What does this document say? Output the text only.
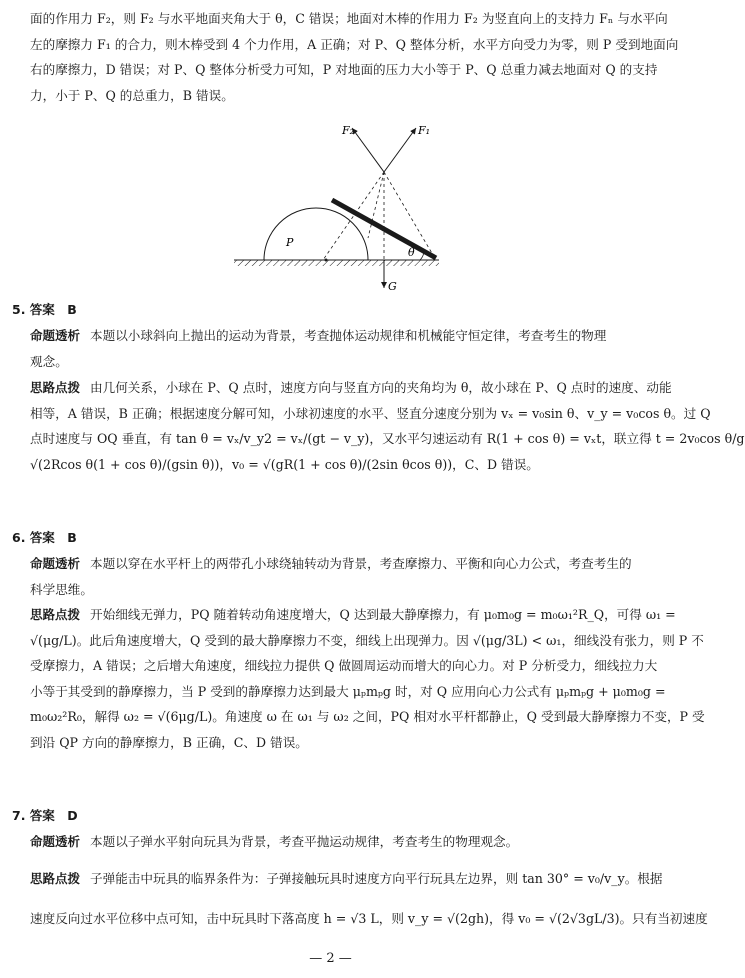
面的作用力 F₂，则 F₂ 与水平地面夹角大于 θ，C 错误；地面对木棒的作用力 F₂ 为竖直向上的支持力 Fₙ 与水平向
左的摩擦力 F₁ 的合力，则木棒受到 4 个力作用，A 正确；对 P、Q 整体分析，水平方向受力为零，则 P 受到地面向
右的摩擦力，D 错误；对 P、Q 整体分析受力可知，P 对地面的压力大小等于 P、Q 总重力减去地面对 Q 的支持
力，小于 P、Q 的总重力，B 错误。
F₂	F₁
P
θ
G
5. 答案　B
命题透析 本题以小球斜向上抛出的运动为背景，考查抛体运动规律和机械能守恒定律，考查考生的物理
观念。
思路点拨 由几何关系，小球在 P、Q 点时，速度方向与竖直方向的夹角均为 θ，故小球在 P、Q 点时的速度、动能
相等，A 错误，B 正确；根据速度分解可知，小球初速度的水平、竖直分速度分别为 vₓ = v₀sin θ、v_y = v₀cos θ。过 Q
点时速度与 OQ 垂直，有 tan θ = vₓ/v_y2 = vₓ/(gt − v_y)，又水平匀速运动有 R(1 + cos θ) = vₓt，联立得 t = 2v₀cos θ/g
√(2Rcos θ(1 + cos θ)/(gsin θ))，v₀ = √(gR(1 + cos θ)/(2sin θcos θ))，C、D 错误。
6. 答案　B
命题透析 本题以穿在水平杆上的两带孔小球绕轴转动为背景，考查摩擦力、平衡和向心力公式，考查考生的
科学思维。
思路点拨 开始细线无弹力，PQ 随着转动角速度增大，Q 达到最大静摩擦力，有 μ₀m₀g = m₀ω₁²R_Q，可得 ω₁ =
√(μg/L)。此后角速度增大，Q 受到的最大静摩擦力不变，细线上出现弹力。因 √(μg/3L) < ω₁，细线没有张力，则 P 不
受摩擦力，A 错误；之后增大角速度，细线拉力提供 Q 做圆周运动而增大的向心力。对 P 分析受力，细线拉力大
小等于其受到的静摩擦力，当 P 受到的静摩擦力达到最大 μₚmₚg 时，对 Q 应用向心力公式有 μₚmₚg + μ₀m₀g =
m₀ω₂²R₀，解得 ω₂ = √(6μg/L)。角速度 ω 在 ω₁ 与 ω₂ 之间，PQ 相对水平杆都静止，Q 受到最大静摩擦力不变，P 受
到沿 QP 方向的静摩擦力，B 正确，C、D 错误。
7. 答案　D
命题透析 本题以子弹水平射向玩具为背景，考查平抛运动规律，考查考生的物理观念。
思路点拨 子弹能击中玩具的临界条件为：子弹接触玩具时速度方向平行玩具左边界，则 tan 30° = v₀/v_y。根据
速度反向过水平位移中点可知，击中玩具时下落高度 h = √3 L，则 v_y = √(2gh)，得 v₀ = √(2√3gL/3)。只有当初速度
— 2 —
